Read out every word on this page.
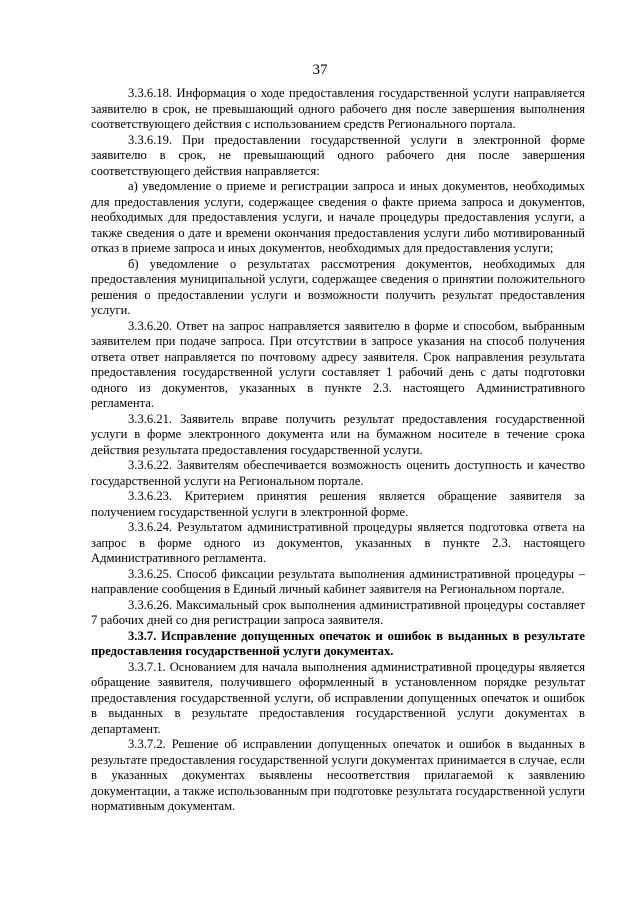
37

3.3.6.18. Информация о ходе предоставления государственной услуги направляется заявителю в срок, не превышающий одного рабочего дня после завершения выполнения соответствующего действия с использованием средств Регионального портала.

3.3.6.19. При предоставлении государственной услуги в электронной форме заявителю в срок, не превышающий одного рабочего дня после завершения соответствующего действия направляется:

а) уведомление о приеме и регистрации запроса и иных документов, необходимых для предоставления услуги, содержащее сведения о факте приема запроса и документов, необходимых для предоставления услуги, и начале процедуры предоставления услуги, а также сведения о дате и времени окончания предоставления услуги либо мотивированный отказ в приеме запроса и иных документов, необходимых для предоставления услуги;

б) уведомление о результатах рассмотрения документов, необходимых для предоставления муниципальной услуги, содержащее сведения о принятии положительного решения о предоставлении услуги и возможности получить результат предоставления услуги.

3.3.6.20. Ответ на запрос направляется заявителю в форме и способом, выбранным заявителем при подаче запроса. При отсутствии в запросе указания на способ получения ответа ответ направляется по почтовому адресу заявителя. Срок направления результата предоставления государственной услуги составляет 1 рабочий день с даты подготовки одного из документов, указанных в пункте 2.3. настоящего Административного регламента.

3.3.6.21. Заявитель вправе получить результат предоставления государственной услуги в форме электронного документа или на бумажном носителе в течение срока действия результата предоставления государственной услуги.

3.3.6.22. Заявителям обеспечивается возможность оценить доступность и качество государственной услуги на Региональном портале.

3.3.6.23. Критерием принятия решения является обращение заявителя за получением государственной услуги в электронной форме.

3.3.6.24. Результатом административной процедуры является подготовка ответа на запрос в форме одного из документов, указанных в пункте 2.3. настоящего Административного регламента.

3.3.6.25. Способ фиксации результата выполнения административной процедуры – направление сообщения в Единый личный кабинет заявителя на Региональном портале.

3.3.6.26. Максимальный срок выполнения административной процедуры составляет 7 рабочих дней со дня регистрации запроса заявителя.

3.3.7. Исправление допущенных опечаток и ошибок в выданных в результате предоставления государственной услуги документах.

3.3.7.1. Основанием для начала выполнения административной процедуры является обращение заявителя, получившего оформленный в установленном порядке результат предоставления государственной услуги, об исправлении допущенных опечаток и ошибок в выданных в результате предоставления государственной услуги документах в департамент.

3.3.7.2. Решение об исправлении допущенных опечаток и ошибок в выданных в результате предоставления государственной услуги документах принимается в случае, если в указанных документах выявлены несоответствия прилагаемой к заявлению документации, а также использованным при подготовке результата государственной услуги нормативным документам.
